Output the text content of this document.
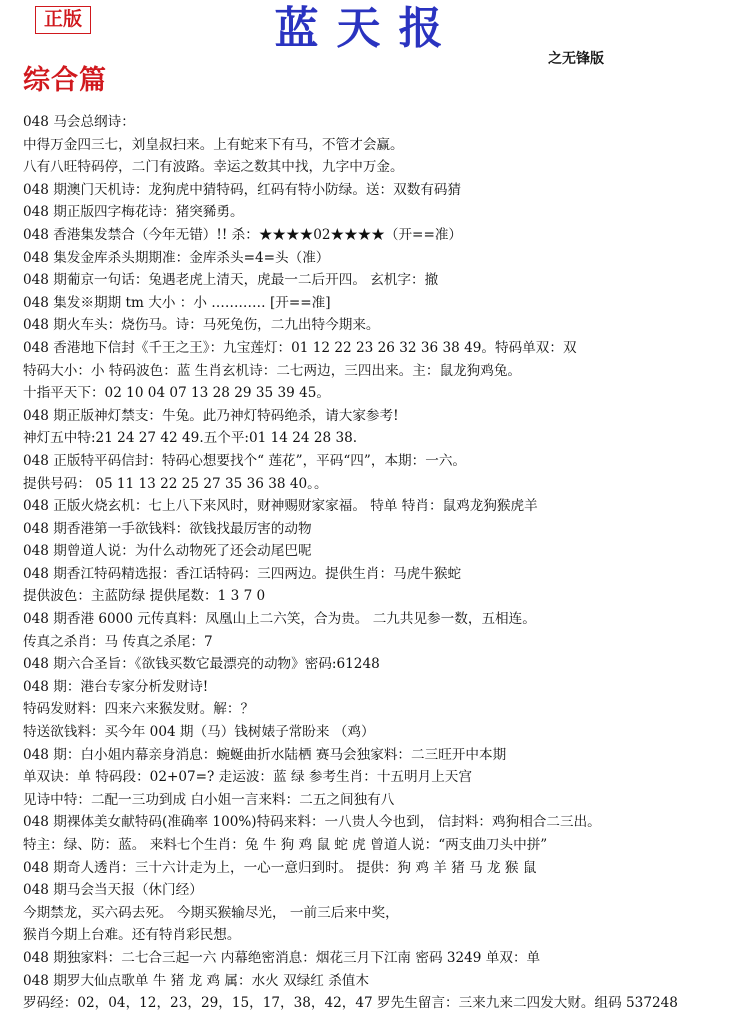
正版	蓝天报
之无锋版
综合篇
048 马会总纲诗：
中得万金四三七，刘皇叔扫来。上有蛇来下有马，不管才会赢。
八有八旺特码停，二门有波路。幸运之数其中找，九字中万金。
048 期澳门天机诗：龙狗虎中猜特码，红码有特小防绿。送：双数有码猜
048 期正版四字梅花诗：猪突豨勇。
048 香港集发禁合（今年无错）!! 杀：★★★★02★★★★（开==准）
048 集发金库杀头期期准：金库杀头=4=头（准）
048 期葡京一句话：兔遇老虎上清天，虎最一二后开四。 玄机字：撤
048 集发※期期 tm 大小 ：小 ………… [开==准]
048 期火车头：烧伤马。诗：马死兔伤，二九出特今期来。
048 香港地下信封《千王之王》：九宝莲灯：01 12 22 23 26 32 36 38 49。特码单双：双
特码大小：小 特码波色：蓝 生肖玄机诗：二七两边，三四出来。主：鼠龙狗鸡兔。
十指平天下：02 10 04 07 13 28 29 35 39 45。
048 期正版神灯禁支：牛兔。此乃神灯特码绝杀，请大家参考!
神灯五中特:21 24 27 42 49.五个平:01 14 24 28 38.
048 正版特平码信封：特码心想要找个“ 莲花”，平码“四”，本期：一六。
提供号码： 05 11 13 22 25 27 35 36 38 40。。
048 正版火烧玄机：七上八下来风时，财神赐财家家福。 特单 特肖：鼠鸡龙狗猴虎羊
048 期香港第一手欲钱料：欲钱找最厉害的动物
048 期曾道人说：为什么动物死了还会动尾巴呢
048 期香江特码精选报：香江话特码：三四两边。提供生肖：马虎牛猴蛇
提供波色：主蓝防绿 提供尾数：1 3 7 0
048 期香港 6000 元传真料：凤凰山上二六笑，合为贵。 二九共见参一数，五相连。
传真之杀肖：马 传真之杀尾：7
048 期六合圣旨：《欲钱买数它最漂亮的动物》密码:61248
048 期：港台专家分析发财诗!
特码发财料：四来六来猴发财。解：？
特送欲钱料：买今年 004 期（马）钱树婊子常盼来 （鸡）
048 期：白小姐内幕亲身消息：蜿蜒曲折水陆栖 赛马会独家料：二三旺开中本期
单双诀：单 特码段：02+07=? 走运波：蓝 绿 参考生肖：十五明月上天宫
见诗中特：二配一三功到成 白小姐一言来料：二五之间独有八
048 期裸体美女献特码(准确率 100%)特码来料：一八贵人今也到， 信封料：鸡狗相合二三出。
特主：绿、防：蓝。 来料七个生肖：兔 牛 狗 鸡 鼠 蛇 虎 曾道人说：“两支曲刀头中拼”
048 期奇人透肖：三十六计走为上，一心一意归到时。 提供：狗 鸡 羊 猪 马 龙 猴 鼠
048 期马会当天报（休门经）
今期禁龙，买六码去死。 今期买猴输尽光， 一前三后来中奖，
猴肖今期上台难。还有特肖彩民想。
048 期独家料：二七合三起一六 内幕绝密消息：烟花三月下江南 密码 3249 单双：单
048 期罗大仙点歌单 牛 猪 龙 鸡 属：水火 双绿红 杀值木
罗码经：02，04，12，23，29，15，17，38，42，47 罗先生留言：三来九来二四发大财。组码 537248
